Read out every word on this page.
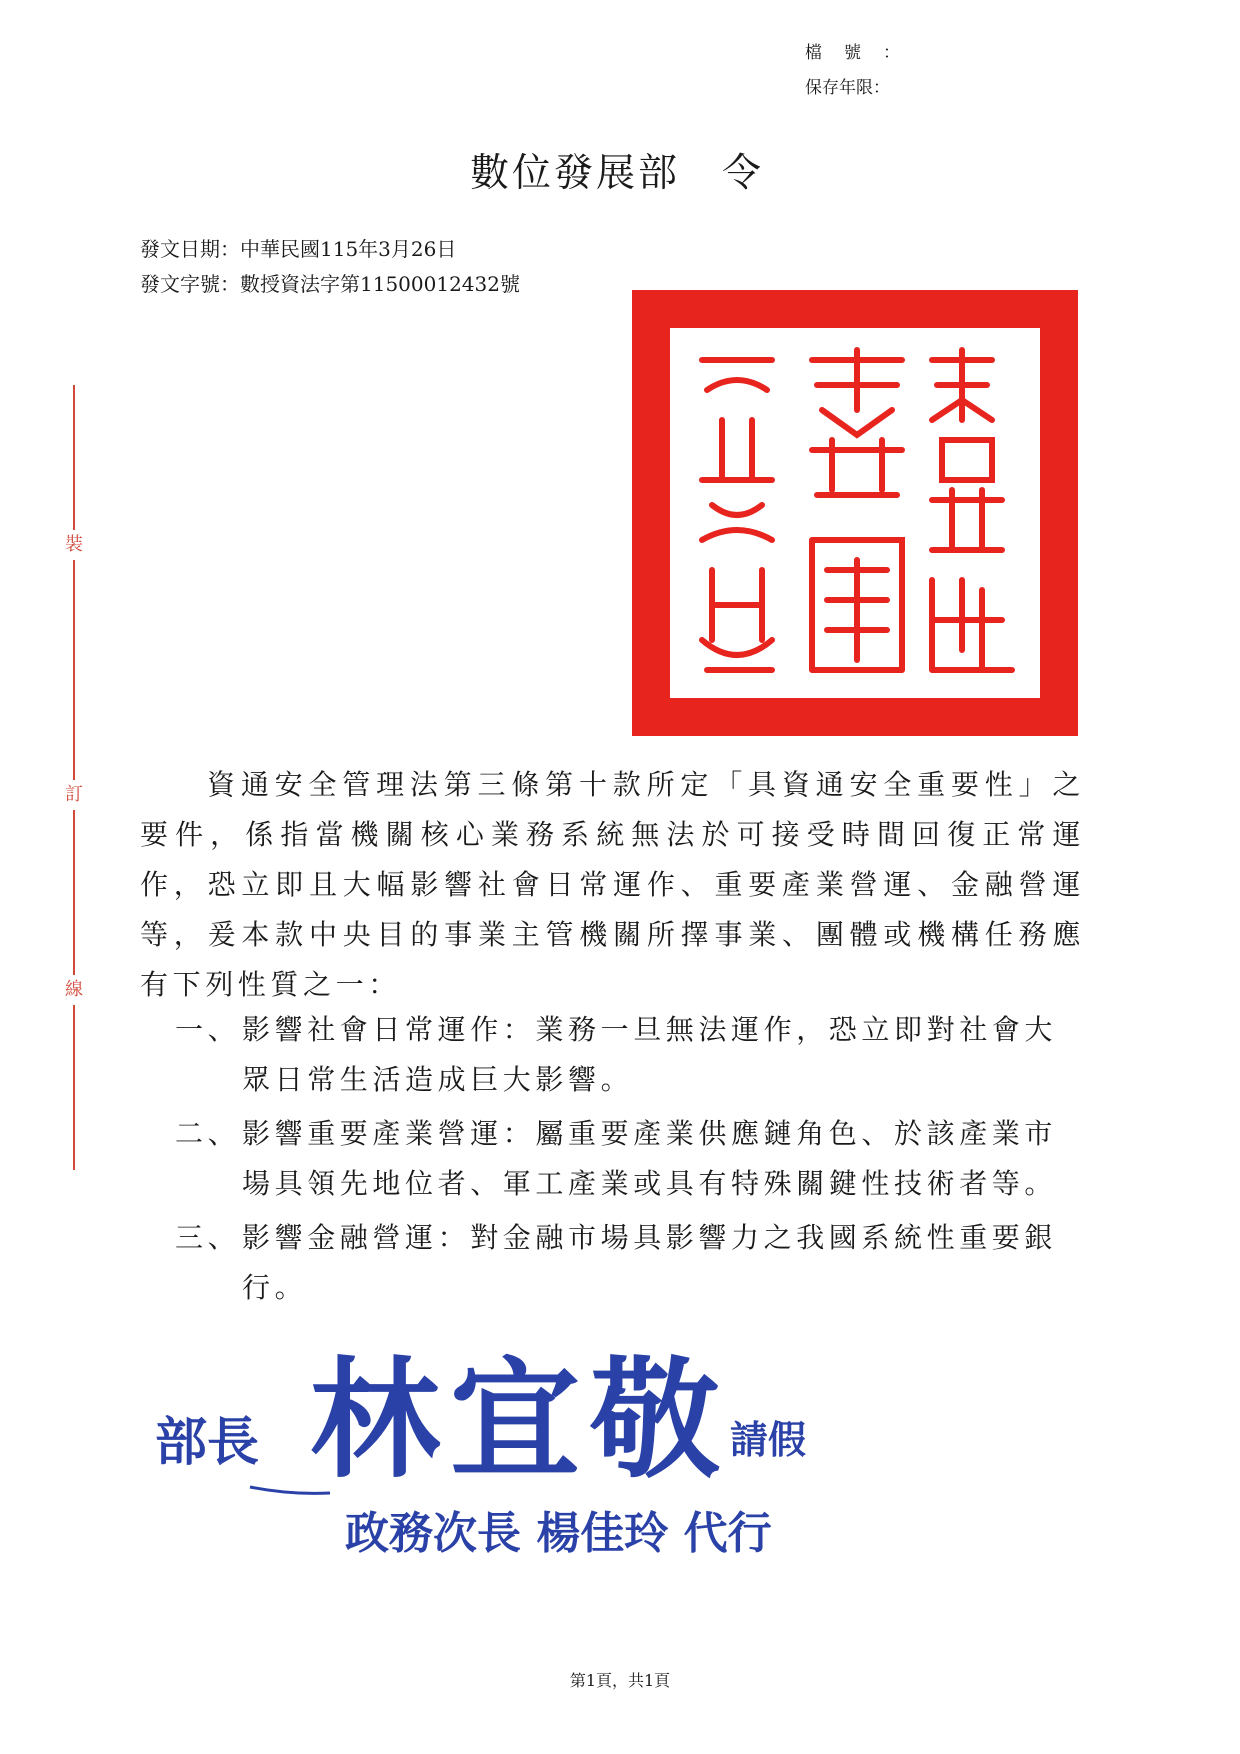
檔號：
保存年限：
數位發展部　令
發文日期：中華民國115年3月26日
發文字號：數授資法字第11500012432號
裝
訂
線

資通安全管理法第三條第十款所定「具資通安全重要性」之要件，係指當機關核心業務系統無法於可接受時間回復正常運作，恐立即且大幅影響社會日常運作、重要產業營運、金融營運等，爰本款中央目的事業主管機關所擇事業、團體或機構任務應有下列性質之一：

一、 影響社會日常運作：業務一旦無法運作，恐立即對社會大眾日常生活造成巨大影響。
二、 影響重要產業營運：屬重要產業供應鏈角色、於該產業市場具領先地位者、軍工產業或具有特殊關鍵性技術者等。
三、 影響金融營運：對金融市場具影響力之我國系統性重要銀行。
部長 林宜敬 請假
政務次長 楊佳玲 代行
第1頁，共1頁
